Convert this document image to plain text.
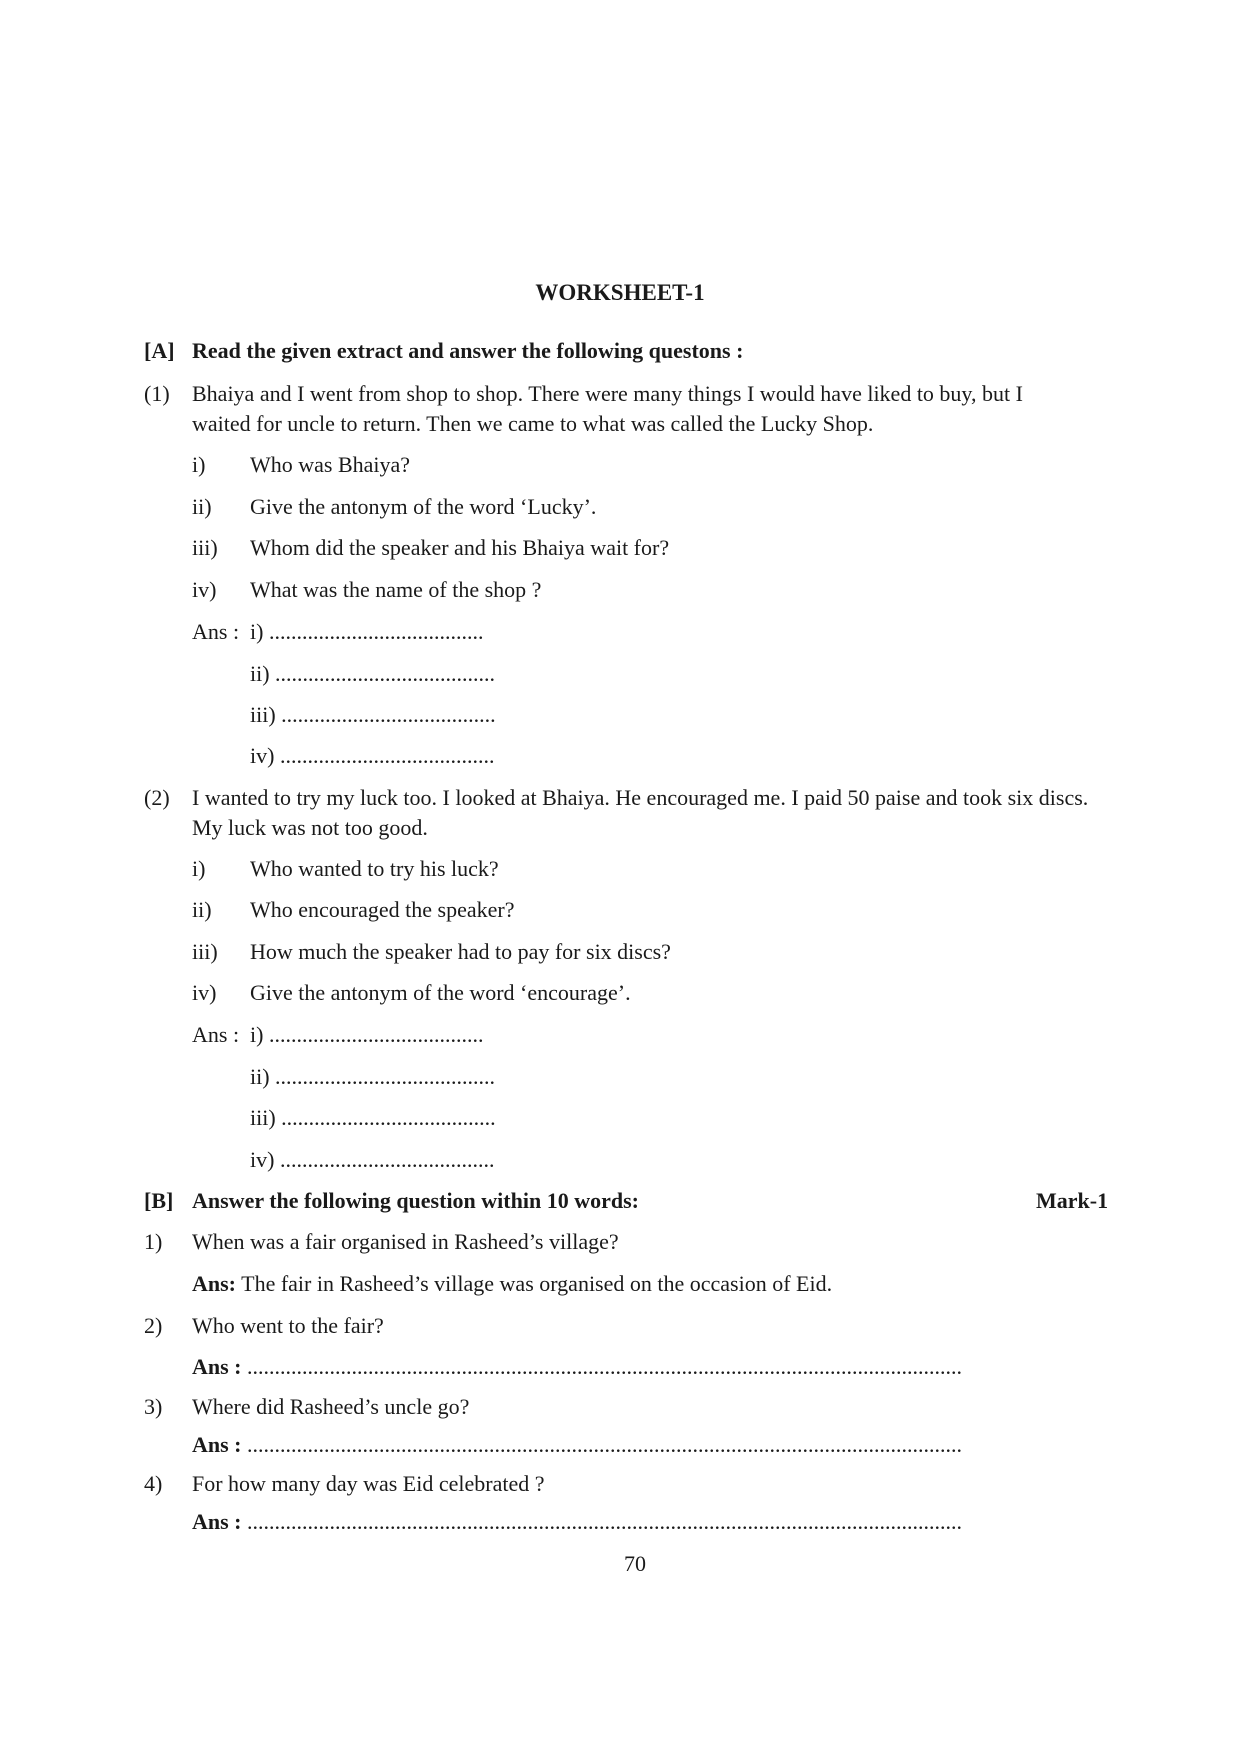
WORKSHEET-1
[A] Read the given extract and answer the following questons :
(1) Bhaiya and I went from shop to shop. There were many things I would have liked to buy, but I
waited for uncle to return. Then we came to what was called the Lucky Shop.
i) Who was Bhaiya?
ii) Give the antonym of the word ‘Lucky’.
iii) Whom did the speaker and his Bhaiya wait for?
iv) What was the name of the shop ?
Ans : i) .......................................
ii) ........................................
iii) .......................................
iv) .......................................
(2) I wanted to try my luck too. I looked at Bhaiya. He encouraged me. I paid 50 paise and took six discs.
My luck was not too good.
i) Who wanted to try his luck?
ii) Who encouraged the speaker?
iii) How much the speaker had to pay for six discs?
iv) Give the antonym of the word ‘encourage’.
Ans : i) .......................................
ii) ........................................
iii) .......................................
iv) .......................................
[B] Answer the following question within 10 words:	Mark-1
1) When was a fair organised in Rasheed’s village?
Ans: The fair in Rasheed’s village was organised on the occasion of Eid.
2) Who went to the fair?
Ans : ..................................................................................................................................
3) Where did Rasheed’s uncle go?
Ans : ..................................................................................................................................
4) For how many day was Eid celebrated ?
Ans : ..................................................................................................................................
70
